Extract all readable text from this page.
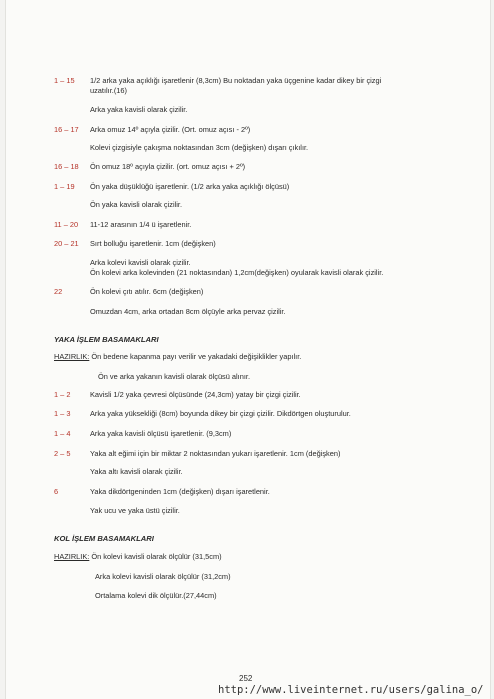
1 – 15 1/2 arka yaka açıklığı işaretlenir (8,3cm) Bu noktadan yaka üçgenine kadar dikey bir çizgi
uzatılır.(16)
Arka yaka kavisli olarak çizilir.
16 – 17 Arka omuz 14º açıyla çizilir. (Ort. omuz açısı - 2º)
Kolevi çizgisiyle çakışma noktasından 3cm (değişken) dışarı çıkılır.
16 – 18 Ön omuz 18º açıyla çizilir. (ort. omuz açısı + 2º)
1 – 19 Ön yaka düşüklüğü işaretlenir. (1/2 arka yaka açıklığı ölçüsü)
Ön yaka kavisli olarak çizilir.
11 – 20 11-12 arasının 1/4 ü işaretlenir.
20 – 21 Sırt bolluğu işaretlenir. 1cm (değişken)
Arka kolevi kavisli olarak çizilir.
Ön kolevi arka kolevinden (21 noktasından) 1,2cm(değişken) oyularak kavisli olarak çizilir.
22	Ön kolevi çıtı atılır. 6cm (değişken)
Omuzdan 4cm, arka ortadan 8cm ölçüyle arka pervaz çizilir.
YAKA İŞLEM BASAMAKLARI
HAZIRLIK: Ön bedene kapanma payı verilir ve yakadaki değişiklikler yapılır.
Ön ve arka yakanın kavisli olarak ölçüsü alınır.
1 – 2	Kavisli 1/2 yaka çevresi ölçüsünde (24,3cm) yatay bir çizgi çizilir.
1 – 3	Arka yaka yüksekliği (8cm) boyunda dikey bir çizgi çizilir. Dikdörtgen oluşturulur.
1 – 4	Arka yaka kavisli ölçüsü işaretlenir. (9,3cm)
2 – 5	Yaka alt eğimi için bir miktar 2 noktasından yukarı işaretlenir. 1cm (değişken)
Yaka altı kavisli olarak çizilir.
6	Yaka dikdörtgeninden 1cm (değişken) dışarı işaretlenir.
Yak ucu ve yaka üstü çizilir.
KOL İŞLEM BASAMAKLARI
HAZIRLIK: Ön kolevi kavisli olarak ölçülür (31,5cm)
Arka kolevi kavisli olarak ölçülür (31,2cm)
Ortalama kolevi dik ölçülür.(27,44cm)
252
http://www.liveinternet.ru/users/galina_o/
